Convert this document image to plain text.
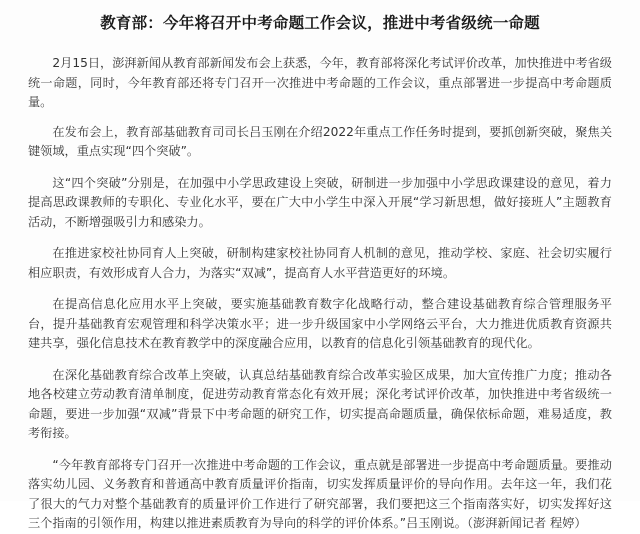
教育部：今年将召开中考命题工作会议，推进中考省级统一命题

2月15日，澎湃新闻从教育部新闻发布会上获悉，今年，教育部将深化考试评价改革，加快推进中考省级统一命题，同时，今年教育部还将专门召开一次推进中考命题的工作会议，重点部署进一步提高中考命题质量。

在发布会上，教育部基础教育司司长吕玉刚在介绍2022年重点工作任务时提到，要抓创新突破，聚焦关键领域，重点实现“四个突破”。

这“四个突破”分别是，在加强中小学思政建设上突破，研制进一步加强中小学思政课建设的意见，着力提高思政课教师的专职化、专业化水平，要在广大中小学生中深入开展“学习新思想，做好接班人”主题教育活动，不断增强吸引力和感染力。

在推进家校社协同育人上突破，研制构建家校社协同育人机制的意见，推动学校、家庭、社会切实履行相应职责，有效形成育人合力，为落实“双减”，提高育人水平营造更好的环境。

在提高信息化应用水平上突破，要实施基础教育数字化战略行动，整合建设基础教育综合管理服务平台，提升基础教育宏观管理和科学决策水平；进一步升级国家中小学网络云平台，大力推进优质教育资源共建共享，强化信息技术在教育教学中的深度融合应用，以教育的信息化引领基础教育的现代化。

在深化基础教育综合改革上突破，认真总结基础教育综合改革实验区成果，加大宣传推广力度；推动各地各校建立劳动教育清单制度，促进劳动教育常态化有效开展；深化考试评价改革，加快推进中考省级统一命题，要进一步加强“双减”背景下中考命题的研究工作，切实提高命题质量，确保依标命题，难易适度，教考衔接。

“今年教育部将专门召开一次推进中考命题的工作会议，重点就是部署进一步提高中考命题质量。要推动落实幼儿园、义务教育和普通高中教育质量评价指南，切实发挥质量评价的导向作用。去年这一年，我们花了很大的气力对整个基础教育的质量评价工作进行了研究部署，我们要把这三个指南落实好，切实发挥好这三个指南的引领作用，构建以推进素质教育为导向的科学的评价体系。”吕玉刚说。（澎湃新闻记者 程婷）
